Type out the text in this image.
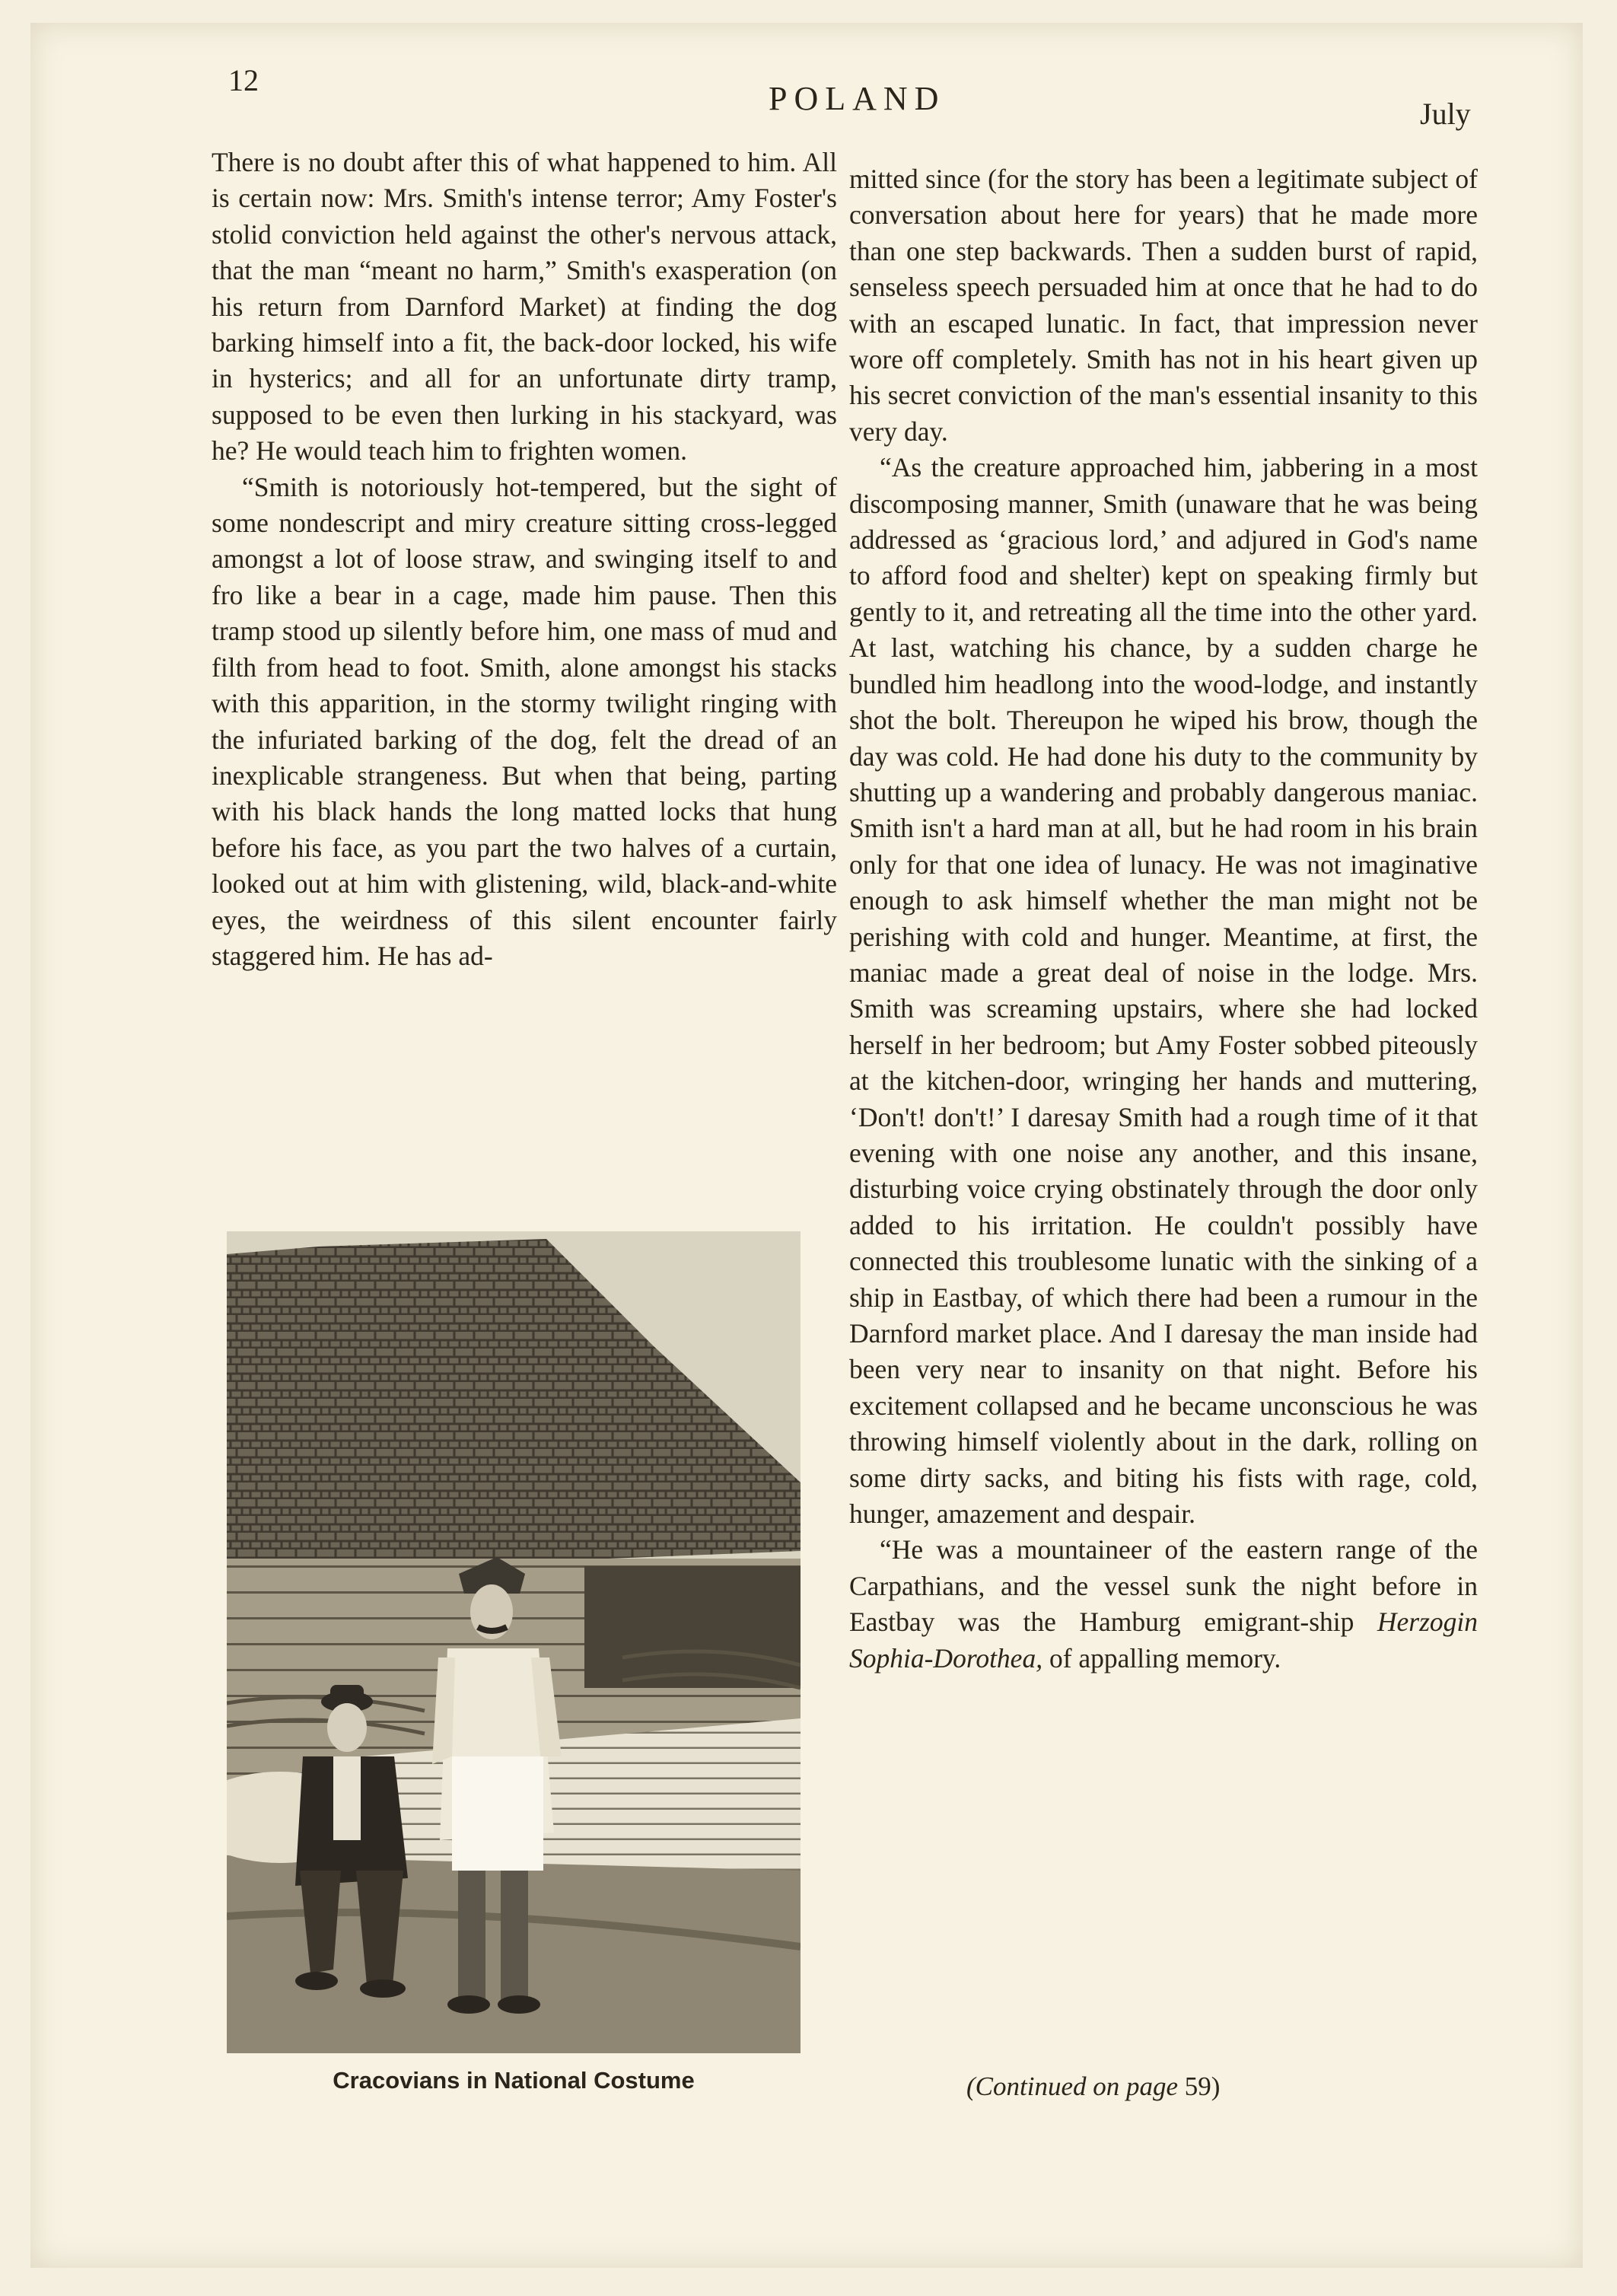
12	POLAND	July

There is no doubt after this of what happened to him. All is certain now: Mrs. Smith's intense terror; Amy Foster's stolid conviction held against the other's nervous attack, that the man “meant no harm,” Smith's exasperation (on his return from Darnford Market) at finding the dog barking himself into a fit, the back-door locked, his wife in hysterics; and all for an unfortunate dirty tramp, supposed to be even then lurking in his stackyard, was he? He would teach him to frighten women.

“Smith is notoriously hot-tempered, but the sight of some nondescript and miry creature sitting cross-legged amongst a lot of loose straw, and swinging itself to and fro like a bear in a cage, made him pause. Then this tramp stood up silently before him, one mass of mud and filth from head to foot. Smith, alone amongst his stacks with this apparition, in the stormy twilight ringing with the infuriated barking of the dog, felt the dread of an inexplicable strangeness. But when that being, parting with his black hands the long matted locks that hung before his face, as you part the two halves of a curtain, looked out at him with glistening, wild, black-and-white eyes, the weirdness of this silent encounter fairly staggered him. He has ad-

mitted since (for the story has been a legitimate subject of conversation about here for years) that he made more than one step backwards. Then a sudden burst of rapid, senseless speech persuaded him at once that he had to do with an escaped lunatic. In fact, that impression never wore off completely. Smith has not in his heart given up his secret conviction of the man's essential insanity to this very day.

“As the creature approached him, jabbering in a most discomposing manner, Smith (unaware that he was being addressed as ‘gracious lord,’ and adjured in God's name to afford food and shelter) kept on speaking firmly but gently to it, and retreating all the time into the other yard. At last, watching his chance, by a sudden charge he bundled him headlong into the wood-lodge, and instantly shot the bolt. Thereupon he wiped his brow, though the day was cold. He had done his duty to the community by shutting up a wandering and probably dangerous maniac. Smith isn't a hard man at all, but he had room in his brain only for that one idea of lunacy. He was not imaginative enough to ask himself whether the man might not be perishing with cold and hunger. Meantime, at first, the maniac made a great deal of noise in the lodge. Mrs. Smith was screaming upstairs, where she had locked herself in her bedroom; but Amy Foster sobbed piteously at the kitchen-door, wringing her hands and muttering, ‘Don't! don't!’ I daresay Smith had a rough time of it that evening with one noise any another, and this insane, disturbing voice crying obstinately through the door only added to his irritation. He couldn't possibly have connected this troublesome lunatic with the sinking of a ship in Eastbay, of which there had been a rumour in the Darnford market place. And I daresay the man inside had been very near to insanity on that night. Before his excitement collapsed and he became unconscious he was throwing himself violently about in the dark, rolling on some dirty sacks, and biting his fists with rage, cold, hunger, amazement and despair.

“He was a mountaineer of the eastern range of the Carpathians, and the vessel sunk the night before in Eastbay was the Hamburg emigrant-ship Herzogin Sophia-Dorothea, of appalling memory.

Cracovians in National Costume	(Continued on page 59)
